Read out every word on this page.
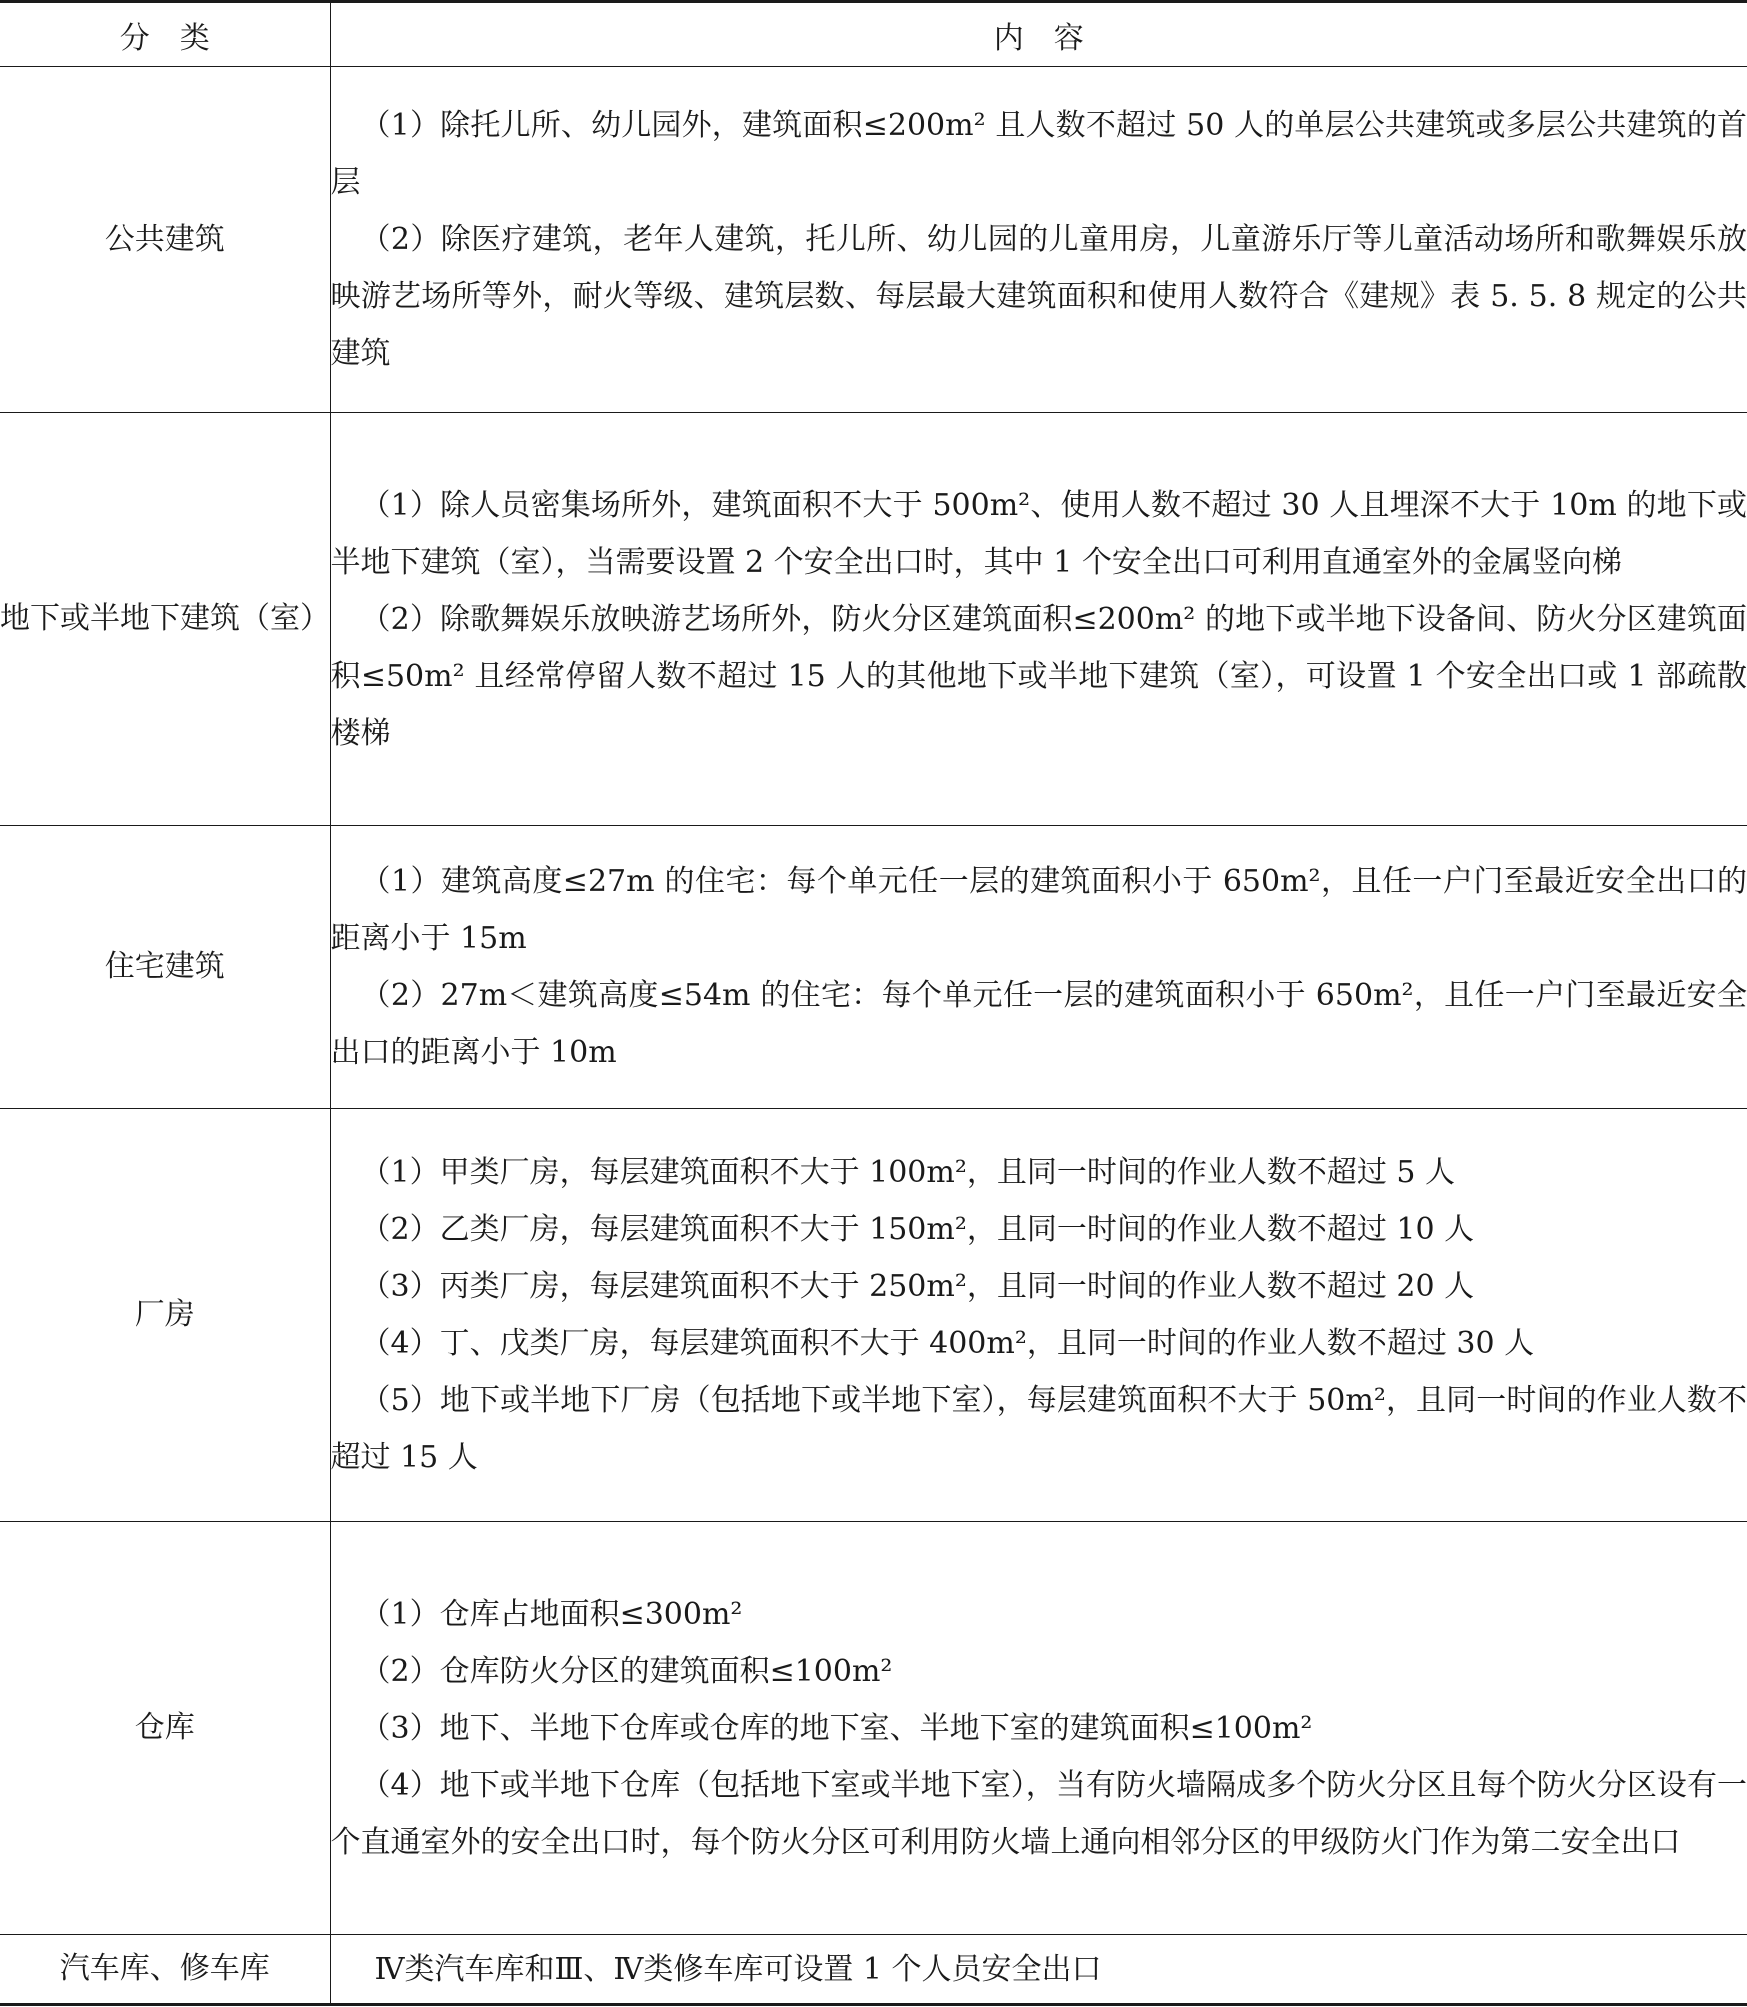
分类	内容
公共建筑	（1）除托儿所、幼儿园外，建筑面积≤200m² 且人数不超过 50 人的单层公共建筑或多层公共建筑的首层

（2）除医疗建筑，老年人建筑，托儿所、幼儿园的儿童用房，儿童游乐厅等儿童活动场所和歌舞娱乐放映游艺场所等外，耐火等级、建筑层数、每层最大建筑面积和使用人数符合《建规》表 5. 5. 8 规定的公共建筑

地下或半地下建筑（室）	（1）除人员密集场所外，建筑面积不大于 500m²、使用人数不超过 30 人且埋深不大于 10m 的地下或半地下建筑（室），当需要设置 2 个安全出口时，其中 1 个安全出口可利用直通室外的金属竖向梯

（2）除歌舞娱乐放映游艺场所外，防火分区建筑面积≤200m² 的地下或半地下设备间、防火分区建筑面积≤50m² 且经常停留人数不超过 15 人的其他地下或半地下建筑（室），可设置 1 个安全出口或 1 部疏散楼梯

住宅建筑	（1）建筑高度≤27m 的住宅：每个单元任一层的建筑面积小于 650m²，且任一户门至最近安全出口的距离小于 15m

（2）27m＜建筑高度≤54m 的住宅：每个单元任一层的建筑面积小于 650m²，且任一户门至最近安全出口的距离小于 10m

厂房	（1）甲类厂房，每层建筑面积不大于 100m²，且同一时间的作业人数不超过 5 人

（2）乙类厂房，每层建筑面积不大于 150m²，且同一时间的作业人数不超过 10 人

（3）丙类厂房，每层建筑面积不大于 250m²，且同一时间的作业人数不超过 20 人

（4）丁、戊类厂房，每层建筑面积不大于 400m²，且同一时间的作业人数不超过 30 人

（5）地下或半地下厂房（包括地下或半地下室），每层建筑面积不大于 50m²，且同一时间的作业人数不超过 15 人

仓库	（1）仓库占地面积≤300m²

（2）仓库防火分区的建筑面积≤100m²

（3）地下、半地下仓库或仓库的地下室、半地下室的建筑面积≤100m²

（4）地下或半地下仓库（包括地下室或半地下室），当有防火墙隔成多个防火分区且每个防火分区设有一个直通室外的安全出口时，每个防火分区可利用防火墙上通向相邻分区的甲级防火门作为第二安全出口

汽车库、修车库	Ⅳ类汽车库和Ⅲ、Ⅳ类修车库可设置 1 个人员安全出口
